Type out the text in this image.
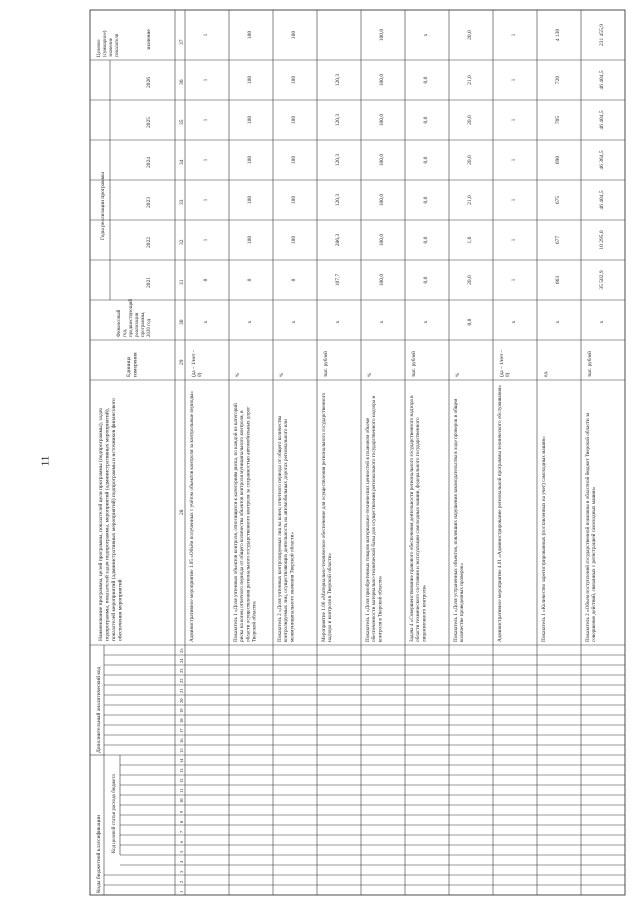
11
Коды бюджетной классификации
Дополнительный аналитический код
Код целевой статьи расхода бюджета
Наименование программы, целей программы, показателей цели программы (подпрограммы), задач подпрограммы, показателей задач подпрограммы, мероприятий (административных мероприятий), показателей мероприятий (административных мероприятий) подпрограммы и источников финансового обеспечения мероприятий
Единица измерения
Финансовый год, предшествующий реализации программы, 2020 год
Годы реализации программы
2021
2022
2023
2024
2025
2026
Целевое (суммарное) значение показателя	значение
28
29
30
31
32
33
34
35
36
37
1
2
3
4
5
6
7
8
9
10
11
12
13
14
15
16
17
18
19
20
21
22
23
24
25
Административное мероприятие 1.05 «Объём полученных с учётом объектов контроля за контрольные периоды»
(да – 1/нет – 0)
х
0
1
1
1
1
1
1
Показатель 1 «Доля учтенных объектов контроля, относящихся к категориям риска, по каждой из категорий риска на конец отчетного периода от общего количества объектов контроля муниципального контроля, в области осуществления регионального государственного контроля за сохранностью автомобильных дорог Тверской области»
%
х
0
100
100
100
100
100
100
Показатель 2 «Доля учтенных контролируемых лиц на конец отчетного периода от общего количества контролируемых лиц, осуществляющих деятельность на автомобильных дорогах регионального или межмуниципального значения Тверской области»
%
х
0
100
100
100
100
100
100
Мероприятие 1.06 «Материально-техническое обеспечение для осуществления регионального государственного надзора и контроля в Тверской области»
тыс. рублей
х
107,7
286,3
120,3
120,3
120,3
120,3
Показатель 1 «Доля приобретенных товаров материально-технических ценностей в плановом объеме обеспеченности материально-технической базы для осуществления регионального государственного надзора и контроля в Тверской области»
%
х
100,0
100,0
100,0
100,0
100,0
100,0
100,0
Задача 4 «Совершенствование правового обеспечения деятельности регионального государственного надзора в области технического состояния и эксплуатации самоходных машин, федерального государственного лицензионного контроля»
тыс. рублей
х
0,0
0,0
0,0
0,0
0,0
0,0
х
Показатель 1 «Доля устраненных объектов, повлекших нарушения законодательства в ходе проверок в общем количестве проведенных проверок»
%
0,0
20,0
1,6
21,0
20,0
20,0
21,0
20,0
Административное мероприятие 4.01 «Администрирование региональной программы технического обслуживания»
(да – 1/нет – 0)
х
1
1
1
1
1
1
1
Показатель 1 «Количество зарегистрированных (поставленных на учет) самоходных машин»
ед.
х
663
677
675
690
705
720
4 130
Показатель 2 «Объем поступлений государственной пошлины в областной бюджет Тверской области за совершение действий, связанных с регистрацией самоходных машин»
тыс. рублей
х
35 502,9
10 295,0
46 404,5
46 364,5
46 404,5
46 404,5
231 455,9
